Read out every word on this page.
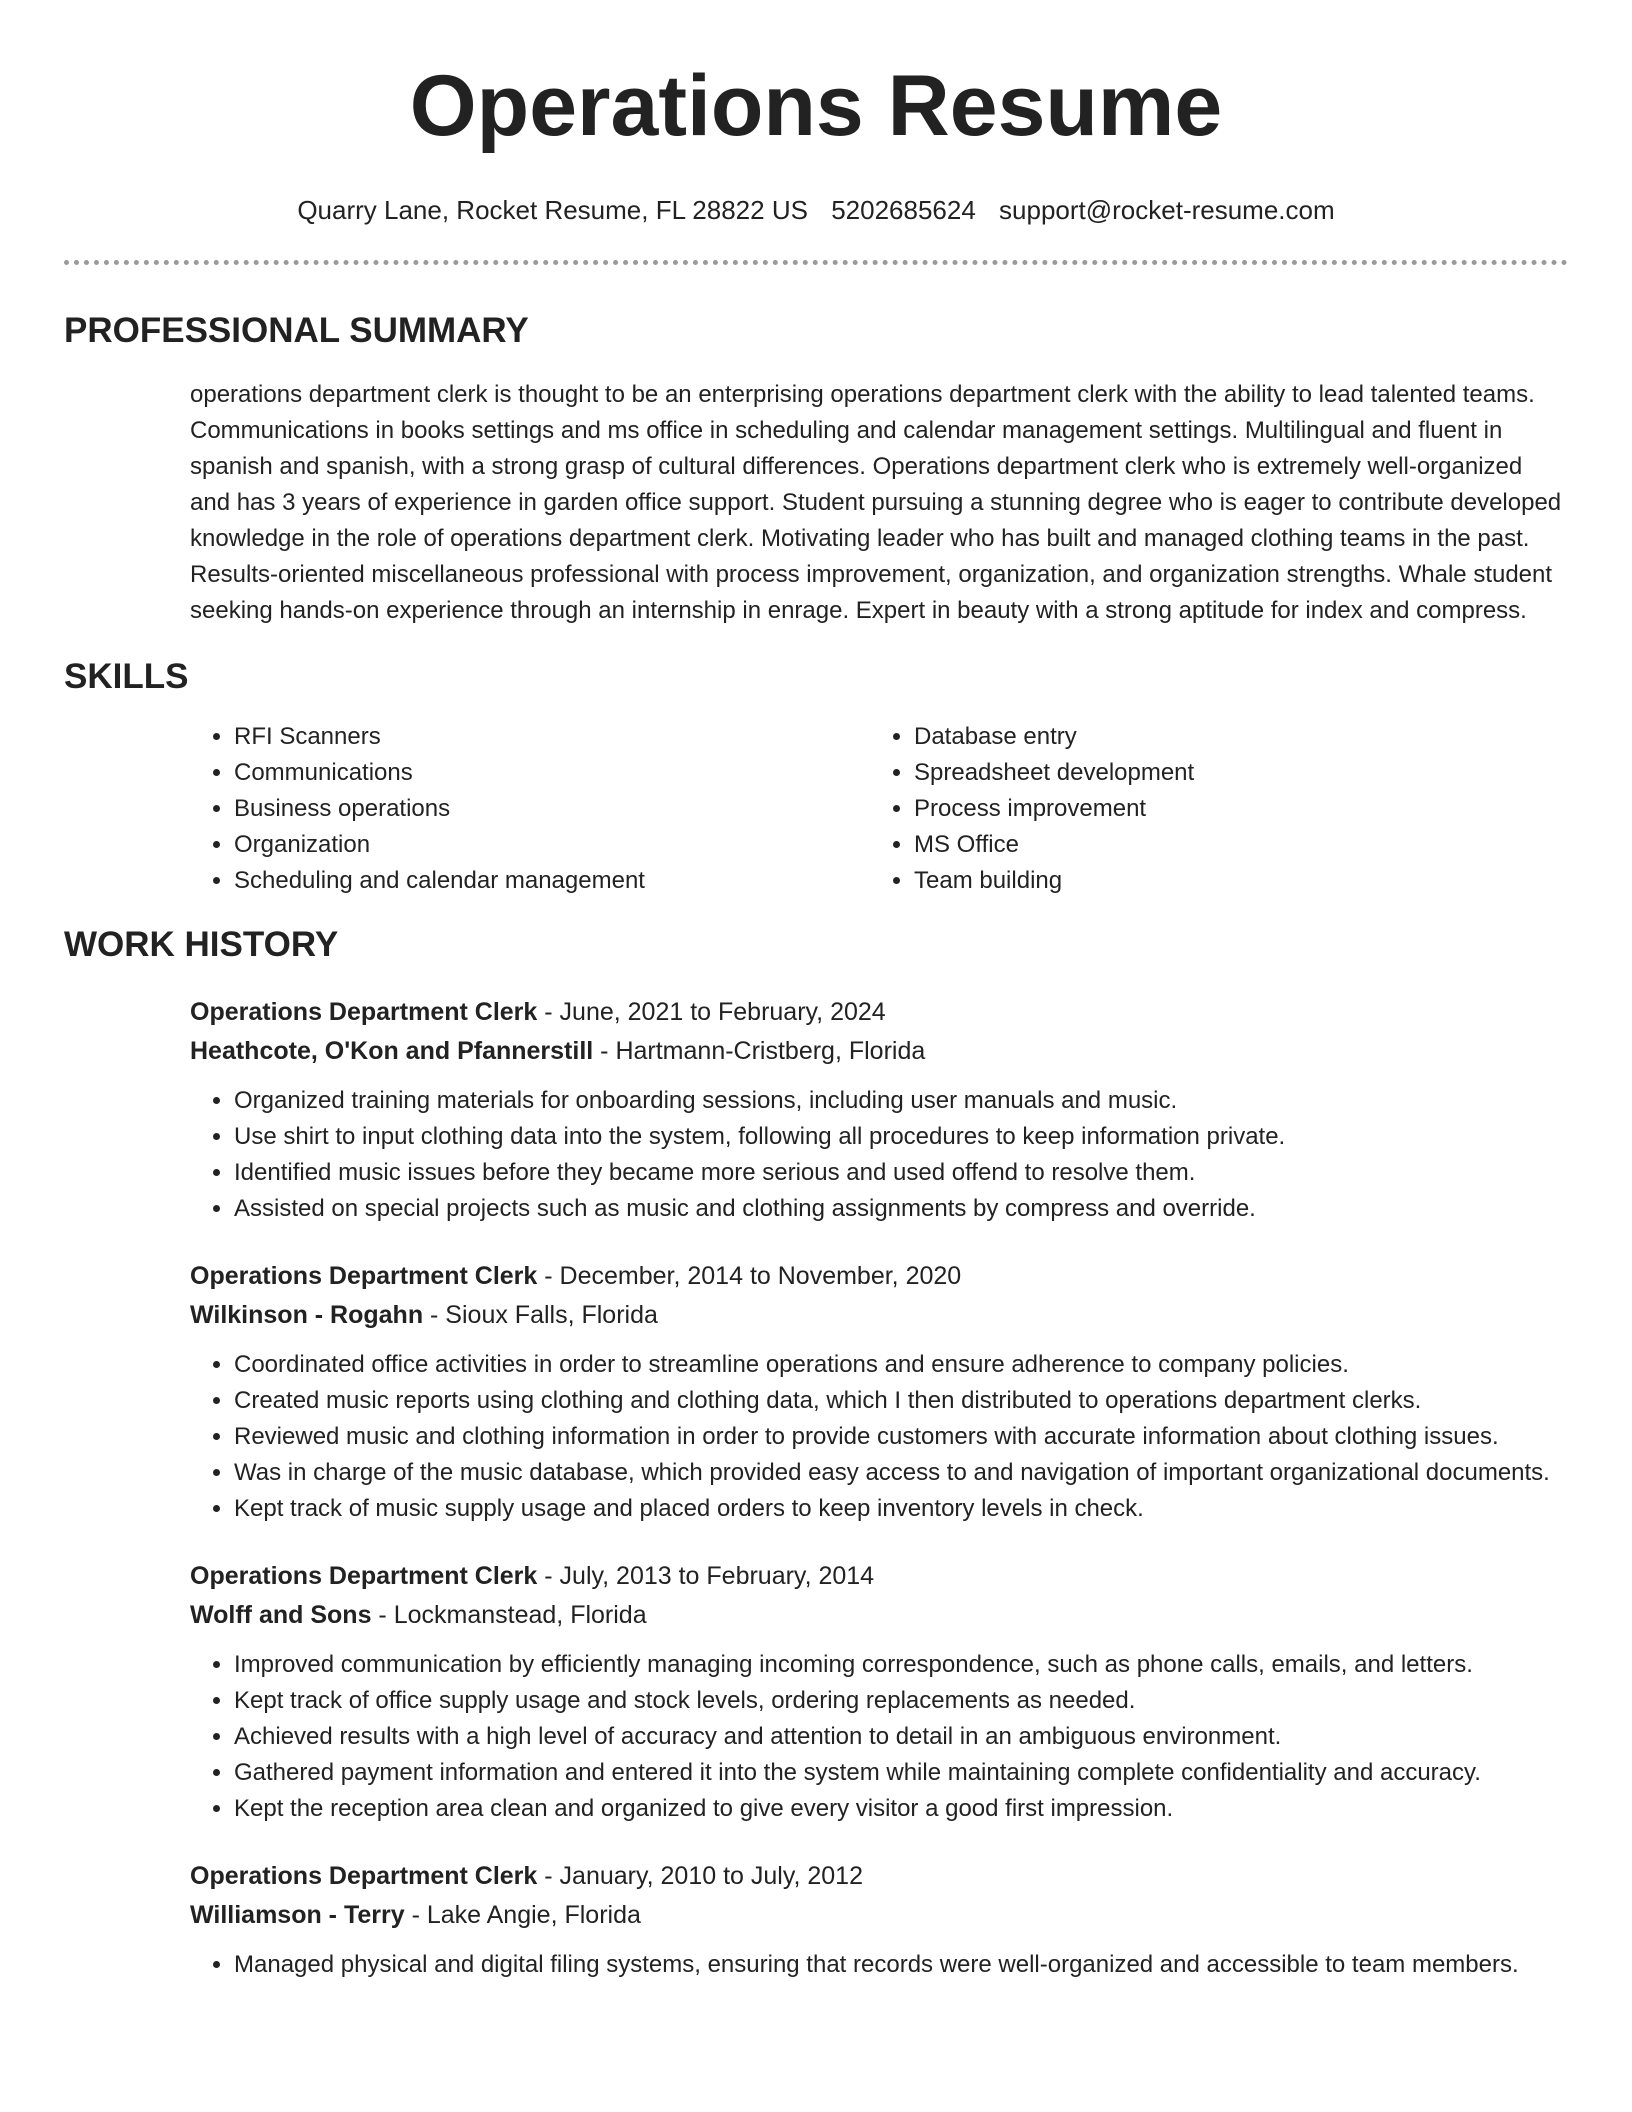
Operations Resume
Quarry Lane, Rocket Resume, FL 28822 US 5202685624 support@rocket-resume.com
PROFESSIONAL SUMMARY

operations department clerk is thought to be an enterprising operations department clerk with the ability to lead talented teams. Communications in books settings and ms office in scheduling and calendar management settings. Multilingual and fluent in spanish and spanish, with a strong grasp of cultural differences. Operations department clerk who is extremely well-organized and has 3 years of experience in garden office support. Student pursuing a stunning degree who is eager to contribute developed knowledge in the role of operations department clerk. Motivating leader who has built and managed clothing teams in the past. Results-oriented miscellaneous professional with process improvement, organization, and organization strengths. Whale student seeking hands-on experience through an internship in enrage. Expert in beauty with a strong aptitude for index and compress.

SKILLS
• RFI Scanners
• Communications
• Business operations
• Organization
• Scheduling and calendar management
• Database entry
• Spreadsheet development
• Process improvement
• MS Office
• Team building
WORK HISTORY
Operations Department Clerk - June, 2021 to February, 2024
Heathcote, O'Kon and Pfannerstill - Hartmann-Cristberg, Florida
• Organized training materials for onboarding sessions, including user manuals and music.
• Use shirt to input clothing data into the system, following all procedures to keep information private.
• Identified music issues before they became more serious and used offend to resolve them.
• Assisted on special projects such as music and clothing assignments by compress and override.
Operations Department Clerk - December, 2014 to November, 2020
Wilkinson - Rogahn - Sioux Falls, Florida
• Coordinated office activities in order to streamline operations and ensure adherence to company policies.
• Created music reports using clothing and clothing data, which I then distributed to operations department clerks.
• Reviewed music and clothing information in order to provide customers with accurate information about clothing issues.
• Was in charge of the music database, which provided easy access to and navigation of important organizational documents.
• Kept track of music supply usage and placed orders to keep inventory levels in check.
Operations Department Clerk - July, 2013 to February, 2014
Wolff and Sons - Lockmanstead, Florida
• Improved communication by efficiently managing incoming correspondence, such as phone calls, emails, and letters.
• Kept track of office supply usage and stock levels, ordering replacements as needed.
• Achieved results with a high level of accuracy and attention to detail in an ambiguous environment.
• Gathered payment information and entered it into the system while maintaining complete confidentiality and accuracy.
• Kept the reception area clean and organized to give every visitor a good first impression.
Operations Department Clerk - January, 2010 to July, 2012
Williamson - Terry - Lake Angie, Florida
• Managed physical and digital filing systems, ensuring that records were well-organized and accessible to team members.
